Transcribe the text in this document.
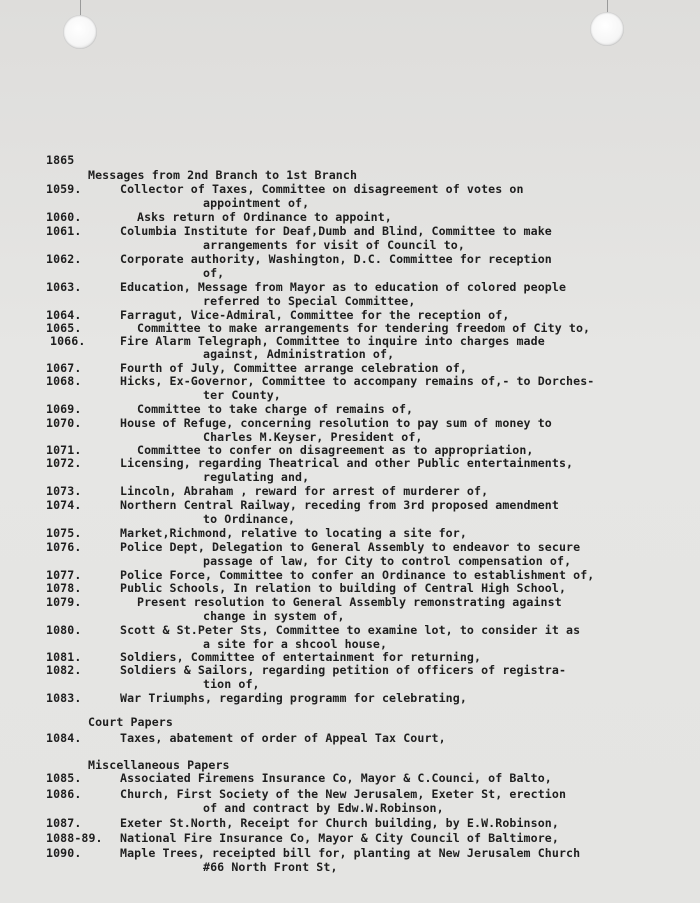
1865
Messages from 2nd Branch to 1st Branch
1059.	Collector of Taxes, Committee on disagreement of votes on
appointment of,
1060.	Asks return of Ordinance to appoint,
1061.	Columbia Institute for Deaf,Dumb and Blind, Committee to make
arrangements for visit of Council to,
1062.	Corporate authority, Washington, D.C. Committee for reception
of,
1063.	Education, Message from Mayor as to education of colored people
referred to Special Committee,
1064.	Farragut, Vice-Admiral, Committee for the reception of,
1065.	Committee to make arrangements for tendering freedom of City to,
1066.	Fire Alarm Telegraph, Committee to inquire into charges made
against, Administration of,
1067.	Fourth of July, Committee arrange celebration of,
1068.	Hicks, Ex-Governor, Committee to accompany remains of,- to Dorches-
ter County,
1069.	Committee to take charge of remains of,
1070.	House of Refuge, concerning resolution to pay sum of money to
Charles M.Keyser, President of,
1071.	Committee to confer on disagreement as to appropriation,
1072.	Licensing, regarding Theatrical and other Public entertainments,
regulating and,
1073.	Lincoln, Abraham , reward for arrest of murderer of,
1074.	Northern Central Railway, receding from 3rd proposed amendment
to Ordinance,
1075.	Market,Richmond, relative to locating a site for,
1076.	Police Dept, Delegation to General Assembly to endeavor to secure
passage of law, for City to control compensation of,
1077.	Police Force, Committee to confer an Ordinance to establishment of,
1078.	Public Schools, In relation to building of Central High School,
1079.	Present resolution to General Assembly remonstrating against
change in system of,
1080.	Scott & St.Peter Sts, Committee to examine lot, to consider it as
a site for a shcool house,
1081.	Soldiers, Committee of entertainment for returning,
1082.	Soldiers & Sailors, regarding petition of officers of registra-
tion of,
1083.	War Triumphs, regarding programm for celebrating,
Court Papers
1084.	Taxes, abatement of order of Appeal Tax Court,
Miscellaneous Papers
1085.	Associated Firemens Insurance Co, Mayor & C.Counci, of Balto,
1086.	Church, First Society of the New Jerusalem, Exeter St, erection
of and contract by Edw.W.Robinson,
1087.	Exeter St.North, Receipt for Church building, by E.W.Robinson,
1088-89. National Fire Insurance Co, Mayor & City Council of Baltimore,
1090.	Maple Trees, receipted bill for, planting at New Jerusalem Church
#66 North Front St,
